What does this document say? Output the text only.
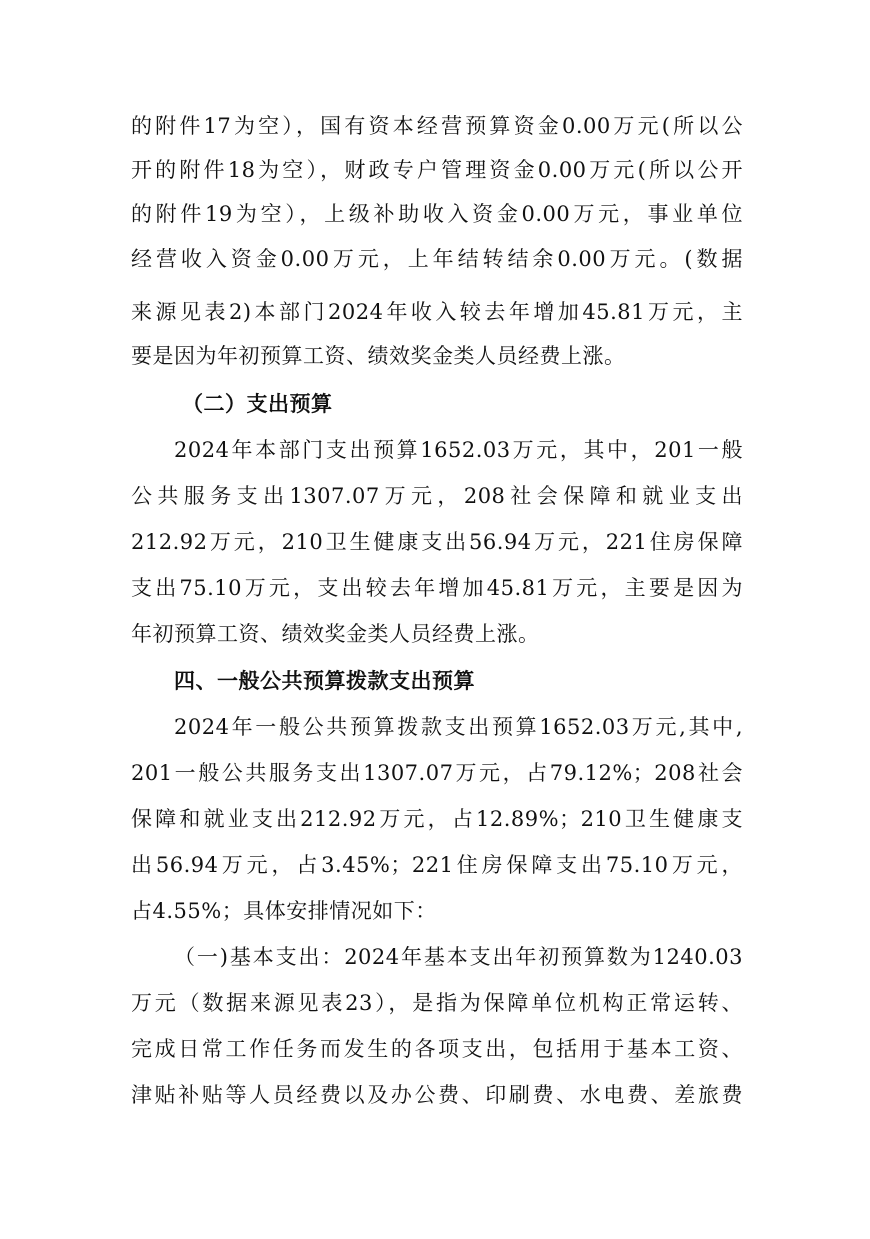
的附件17为空），国有资本经营预算资金0.00万元(所以公
开的附件18为空），财政专户管理资金0.00万元(所以公开
的附件19为空），上级补助收入资金0.00万元，事业单位
经营收入资金0.00万元，上年结转结余0.00万元。(数据
来源见表2)本部门2024年收入较去年增加45.81万元，主
要是因为年初预算工资、绩效奖金类人员经费上涨。
（二）支出预算
2024年本部门支出预算1652.03万元，其中，201一般
公共服务支出1307.07万元，208社会保障和就业支出
212.92万元，210卫生健康支出56.94万元，221住房保障
支出75.10万元，支出较去年增加45.81万元，主要是因为
年初预算工资、绩效奖金类人员经费上涨。
四、一般公共预算拨款支出预算
2024年一般公共预算拨款支出预算1652.03万元,其中,
201一般公共服务支出1307.07万元，占79.12%；208社会
保障和就业支出212.92万元，占12.89%；210卫生健康支
出56.94万元，占3.45%；221住房保障支出75.10万元，
占4.55%；具体安排情况如下：
（一)基本支出：2024年基本支出年初预算数为1240.03
万元（数据来源见表23），是指为保障单位机构正常运转、
完成日常工作任务而发生的各项支出，包括用于基本工资、
津贴补贴等人员经费以及办公费、印刷费、水电费、差旅费
